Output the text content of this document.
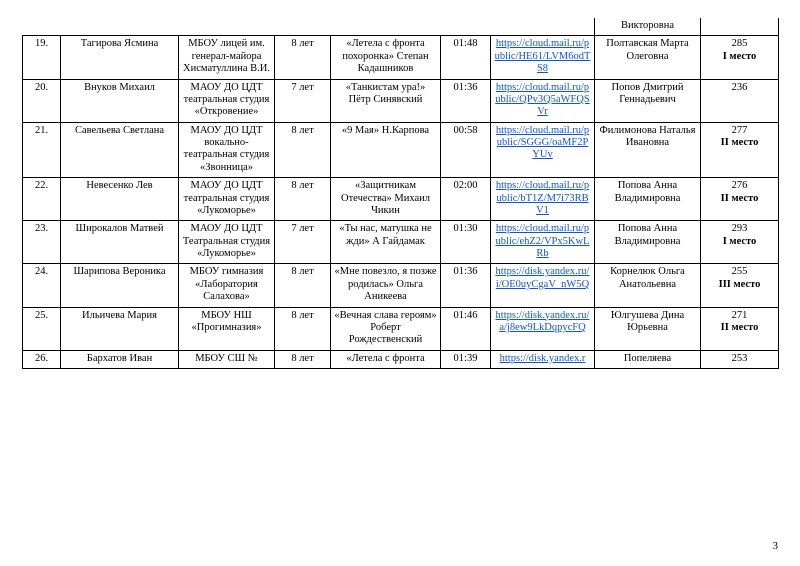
							Викторовна	
19.	Тагирова Ясмина	МБОУ лицей им. генерал-майора Хисматуллина В.И.	8 лет	«Летела с фронта похоронка» Степан Кадашников	01:48	https://cloud.mail.ru/public/HE61/LVM6odTS8	Полтавская Марта Олеговна	285
I место

20.	Внуков Михаил	МАОУ ДО ЦДТ театральная студия «Откровение»	7 лет	«Танкистам ура!» Пётр Синявский	01:36	https://cloud.mail.ru/public/QPv3Q5aWFQSVr	Попов Дмитрий Геннадьевич	236

21.	Савельева Светлана	МАОУ ДО ЦДТ вокально-театральная студия «Звонница»	8 лет	«9 Мая» Н.Карпова	00:58	https://cloud.mail.ru/public/SGGG/oaMF2PYUv	Филимонова Наталья Ивановна	277
II место

22.	Невесенко Лев	МАОУ ДО ЦДТ театральная студия «Лукоморье»	8 лет	«Защитникам Отечества» Михаил Чикин	02:00	https://cloud.mail.ru/public/bT1Z/M7i73RBV1	Попова Анна Владимировна	276
II место

23.	Широкалов Матвей	МАОУ ДО ЦДТ Театральная студия «Лукоморье»	7 лет	«Ты нас, матушка не жди» А Гайдамак	01:30	https://cloud.mail.ru/public/ehZ2/VPx5KwLRb	Попова Анна Владимировна	293
I место

24.	Шарипова Вероника	МБОУ гимназия «Лаборатория Салахова»	8 лет	«Мне повезло, я позже родилась» Ольга Аникеева	01:36	https://disk.yandex.ru/i/OE0uyCgaV_nW5Q	Корнелюк Ольга Анатольевна	255
III место

25.	Ильичева Мария	МБОУ НШ «Прогимназия»	8 лет	«Вечная слава героям» Роберт Рождественский	01:46	https://disk.yandex.ru/a/j8ew9LkDqpycFQ	Юлгушева Дина Юрьевна	271
II место

26.	Бархатов Иван	МБОУ СШ №	8 лет	«Летела с фронта	01:39	https://disk.yandex.r	Попеляева	253
3
